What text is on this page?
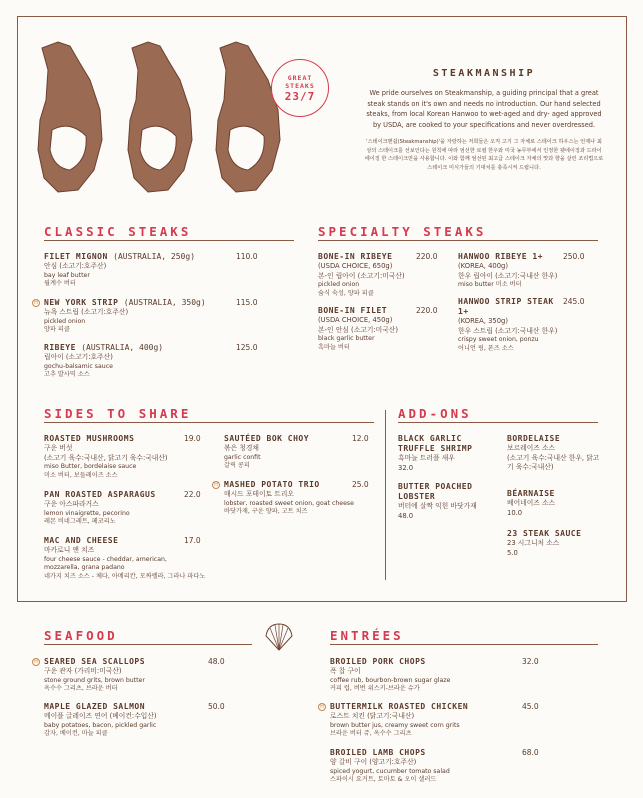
GREAT
STEAKS
23/7
STEAKMANSHIP
We pride ourselves on Steakmanship, a guiding principal that a great steak stands on it's own and needs no introduction. Our hand selected steaks, from local Korean Hanwoo to wet-aged and dry- aged approved by USDA, are cooked to your specifications and never overdressed.
'스테이크맨쉽(Steakmanship)'을 자랑하는 저희들은 오직 고기 그 자체로 스테이크 하우스는 언제나 최상의 스테이크를 선보인다는 원칙에 따라 엄선한 로컬 한우와 미국 농무부에서 인정한 웻에이징과 드라이 에이징 한 스테이크만을 사용합니다. 이와 함께 엄선된 최고급 스테이크 자체의 맛과 향을 살린 조리법으로 스테이크 미식가들의 기대치를 충족시켜 드립니다.
CLASSIC STEAKS
FILET MIGNON (AUSTRALIA, 250g)
안심 (소고기:호주산)
bay leaf butter
월계수 버터
110.0
H NEW YORK STRIP (AUSTRALIA, 350g)
뉴욕 스트립 (소고기:호주산)
pickled onion
양파 피클
115.0
RIBEYE (AUSTRALIA, 400g)
립아이 (소고기:호주산)
gochu-balsamic sauce
고추 발사믹 소스
125.0
SPECIALTY STEAKS
BONE-IN RIBEYE
(USDA CHOICE, 650g)
본-인 립아이 (소고기:미국산)
pickled onion
숨식 숙성, 양파 피클
220.0
BONE-IN FILET
(USDA CHOICE, 450g)
본-인 안심 (소고기:미국산)
black garlic butter
흑마늘 버터
220.0
HANWOO RIBEYE 1+
(KOREA, 400g)
한우 립아이 (소고기:국내산 한우)
miso butter 미소 버터
250.0
HANWOO STRIP STEAK 1+
(KOREA, 350g)
한우 스트립 (소고기:국내산 한우)
crispy sweet onion, ponzu
어니언 링, 폰즈 소스
245.0
SIDES TO SHARE
ROASTED MUSHROOMS
구운 버섯
(소고기 육수:국내산, 닭고기 육수:국내산)
miso Butter, bordelaise sauce
미소 버터, 보들레이즈 소스
19.0
PAN ROASTED ASPARAGUS
구운 아스파라거스
lemon vinaigrette, pecorino
레몬 비네그레트, 페코리노
22.0
MAC AND CHEESE
마카로니 앤 치즈
four cheese sauce - cheddar, american,
mozzarella, grana padano
네가지 치즈 소스 - 체다, 아메리칸, 모짜렐라, 그라나 파다노
17.0
SAUTÉED BOK CHOY
볶은 청경채
garlic confit
갈릭 콩피
12.0
H MASHED POTATO TRIO
매시드 포테이토 트리오
lobster, roasted sweet onion, goat cheese
바닷가재, 구운 양파, 고트 치즈
25.0
ADD-ONS
BLACK GARLIC TRUFFLE SHRIMP
흑마늘 트러플 새우
32.0
BUTTER POACHED LOBSTER
버터에 살짝 익힌 바닷가재
48.0
BORDELAISE
보르레이즈 소스
(소고기 육수:국내산 한우, 닭고기 육수:국내산)
BÉARNAISE
베어네이즈 소스
10.0
23 STEAK SAUCE
23 시그니처 소스
5.0
SEAFOOD
H SEARED SEA SCALLOPS
구운 관자 (가리비:미국산)
stone ground grits, brown butter
옥수수 그리츠, 브라운 버터
48.0
MAPLE GLAZED SALMON
메이플 글레이즈 연어 (베이컨:수입산)
baby potatoes, bacon, pickled garlic
감자, 베이컨, 마늘 피클
50.0
ENTRÉES
BROILED PORK CHOPS
폭 찹 구이
coffee rub, bourbon-brown sugar glaze
커피 럽, 버번 위스키-브라운 슈가
32.0
H BUTTERMILK ROASTED CHICKEN
로스트 치킨 (닭고기:국내산)
brown butter jus, creamy sweet corn grits
브라운 버터 쥬, 옥수수 그리츠
45.0
BROILED LAMB CHOPS
양 갈비 구이 (양고기:호주산)
spiced yogurt, cucumber tomato salad
스파이시 요거트, 토마토 & 오이 샐러드
68.0
